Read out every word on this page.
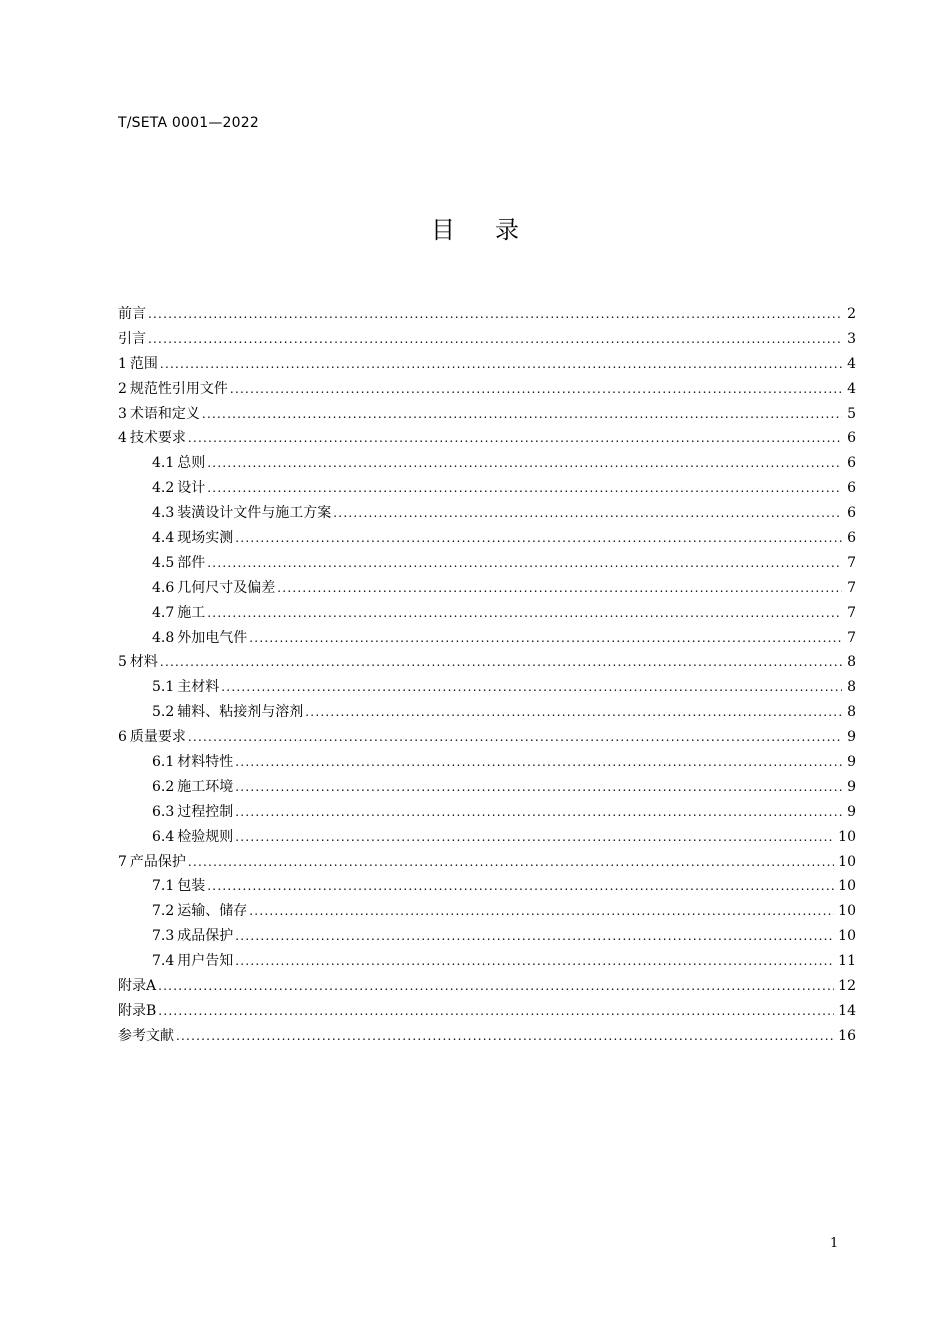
T/SETA 0001—2022
目录
前言 . . .	2
引言 . . .	3
1 范围 . . .	4
2 规范性引用文件 . . .	4
3 术语和定义 . . .	5
4 技术要求 . . .	6
4.1 总则 . . .	6
4.2 设计 . . .	6
4.3 装潢设计文件与施工方案 . . .	6
4.4 现场实测 . . .	6
4.5 部件 . . .	7
4.6 几何尺寸及偏差 . . .	7
4.7 施工 . . .	7
4.8 外加电气件 . . .	7
5 材料 . . .	8
5.1 主材料 . . .	8
5.2 辅料、粘接剂与溶剂 . . .	8
6 质量要求 . . .	9
6.1 材料特性 . . .	9
6.2 施工环境 . . .	9
6.3 过程控制 . . .	9
6.4 检验规则 . . .	10
7 产品保护 . . .	10
7.1 包装 . . .	10
7.2 运输、储存 . . .	10
7.3 成品保护 . . .	10
7.4 用户告知 . . .	11
附录A . . .	12
附录B . . .	14
参考文献 . . .	16
1
